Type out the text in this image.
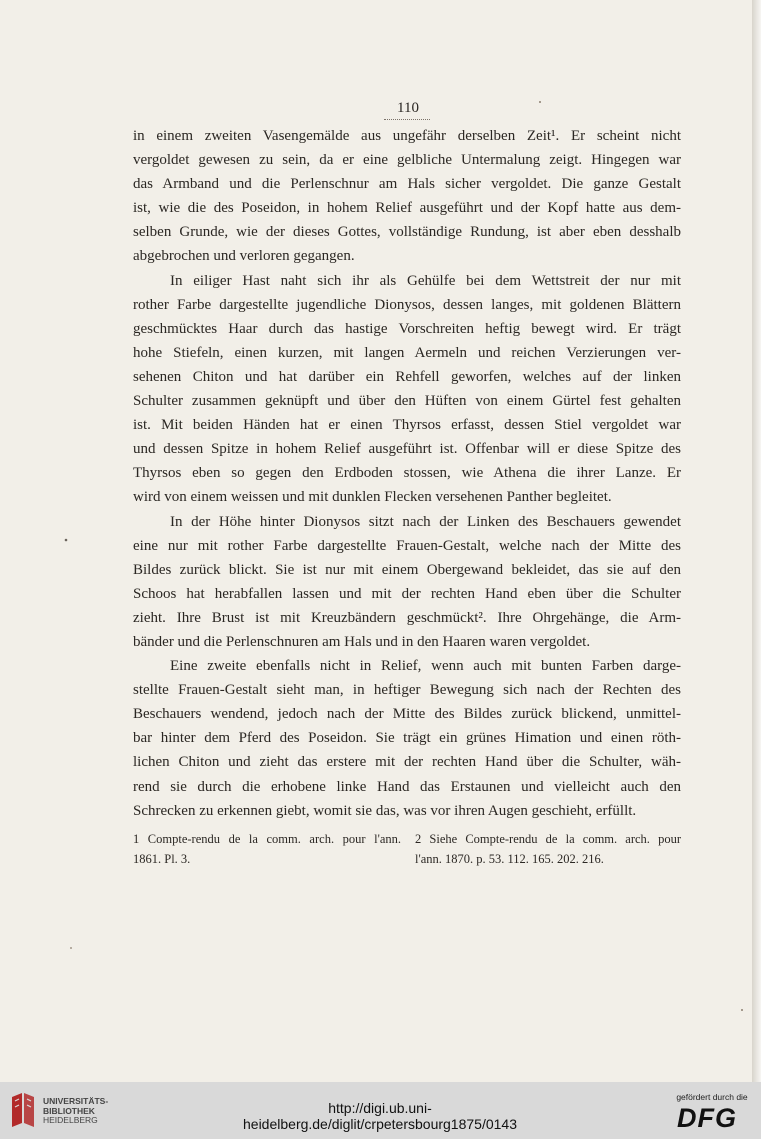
110
in einem zweiten Vasengemälde aus ungefähr derselben Zeit¹. Er scheint nicht
vergoldet gewesen zu sein, da er eine gelbliche Untermalung zeigt. Hingegen war
das Armband und die Perlenschnur am Hals sicher vergoldet. Die ganze Gestalt
ist, wie die des Poseidon, in hohem Relief ausgeführt und der Kopf hatte aus dem-
selben Grunde, wie der dieses Gottes, vollständige Rundung, ist aber eben desshalb
abgebrochen und verloren gegangen.
In eiliger Hast naht sich ihr als Gehülfe bei dem Wettstreit der nur mit
rother Farbe dargestellte jugendliche Dionysos, dessen langes, mit goldenen Blättern
geschmücktes Haar durch das hastige Vorschreiten heftig bewegt wird. Er trägt
hohe Stiefeln, einen kurzen, mit langen Aermeln und reichen Verzierungen ver-
sehenen Chiton und hat darüber ein Rehfell geworfen, welches auf der linken
Schulter zusammen geknüpft und über den Hüften von einem Gürtel fest gehalten
ist. Mit beiden Händen hat er einen Thyrsos erfasst, dessen Stiel vergoldet war
und dessen Spitze in hohem Relief ausgeführt ist. Offenbar will er diese Spitze des
Thyrsos eben so gegen den Erdboden stossen, wie Athena die ihrer Lanze. Er
wird von einem weissen und mit dunklen Flecken versehenen Panther begleitet.
In der Höhe hinter Dionysos sitzt nach der Linken des Beschauers gewendet
eine nur mit rother Farbe dargestellte Frauen-Gestalt, welche nach der Mitte des
Bildes zurück blickt. Sie ist nur mit einem Obergewand bekleidet, das sie auf den
Schoos hat herabfallen lassen und mit der rechten Hand eben über die Schulter
zieht. Ihre Brust ist mit Kreuzbändern geschmückt². Ihre Ohrgehänge, die Arm-
bänder und die Perlenschnuren am Hals und in den Haaren waren vergoldet.
Eine zweite ebenfalls nicht in Relief, wenn auch mit bunten Farben darge-
stellte Frauen-Gestalt sieht man, in heftiger Bewegung sich nach der Rechten des
Beschauers wendend, jedoch nach der Mitte des Bildes zurück blickend, unmittel-
bar hinter dem Pferd des Poseidon. Sie trägt ein grünes Himation und einen röth-
lichen Chiton und zieht das erstere mit der rechten Hand über die Schulter, wäh-
rend sie durch die erhobene linke Hand das Erstaunen und vielleicht auch den
Schrecken zu erkennen giebt, womit sie das, was vor ihren Augen geschieht, erfüllt.
1 Compte-rendu de la comm. arch. pour l'ann.
1861. Pl. 3.
2 Siehe Compte-rendu de la comm. arch. pour
l'ann. 1870. p. 53. 112. 165. 202. 216.
UNIVERSITÄTS-
BIBLIOTHEK
HEIDELBERG
http://digi.ub.uni-heidelberg.de/diglit/crpetersbourg1875/0143
gefördert durch die
DFG
